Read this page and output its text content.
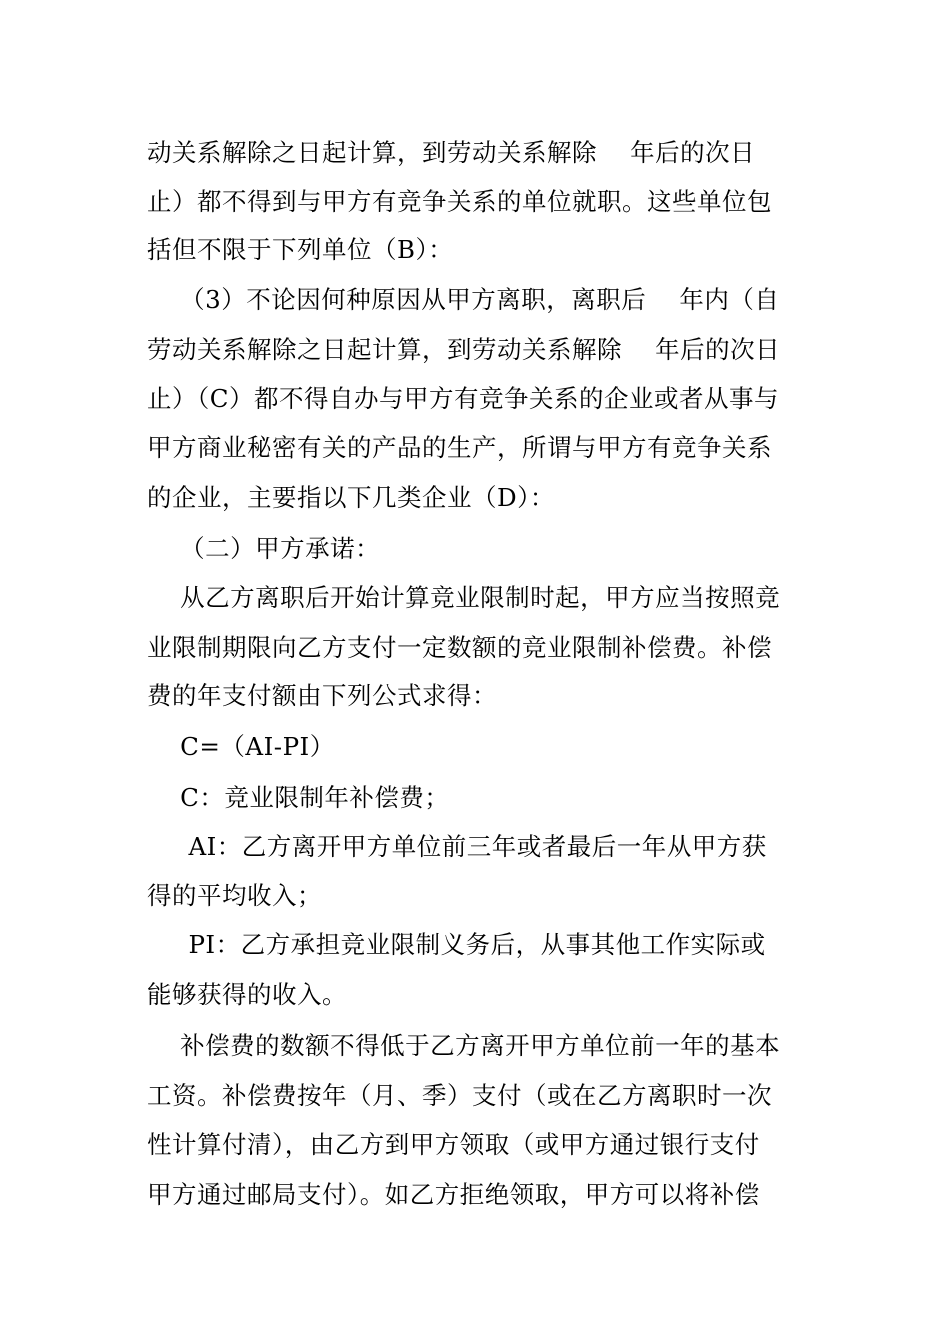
动关系解除之日起计算，到劳动关系解除    年后的次日
止）都不得到与甲方有竞争关系的单位就职。这些单位包
括但不限于下列单位（B）：
（3）不论因何种原因从甲方离职，离职后    年内（自
劳动关系解除之日起计算，到劳动关系解除    年后的次日
止）（C）都不得自办与甲方有竞争关系的企业或者从事与
甲方商业秘密有关的产品的生产，所谓与甲方有竞争关系
的企业，主要指以下几类企业（D）：
（二）甲方承诺：
从乙方离职后开始计算竞业限制时起，甲方应当按照竞
业限制期限向乙方支付一定数额的竞业限制补偿费。补偿
费的年支付额由下列公式求得：
C=（AI-PI）
C：竞业限制年补偿费；
AI：乙方离开甲方单位前三年或者最后一年从甲方获
得的平均收入；
PI：乙方承担竞业限制义务后，从事其他工作实际或
能够获得的收入。
补偿费的数额不得低于乙方离开甲方单位前一年的基本
工资。补偿费按年（月、季）支付（或在乙方离职时一次
性计算付清），由乙方到甲方领取（或甲方通过银行支付
甲方通过邮局支付）。如乙方拒绝领取，甲方可以将补偿
